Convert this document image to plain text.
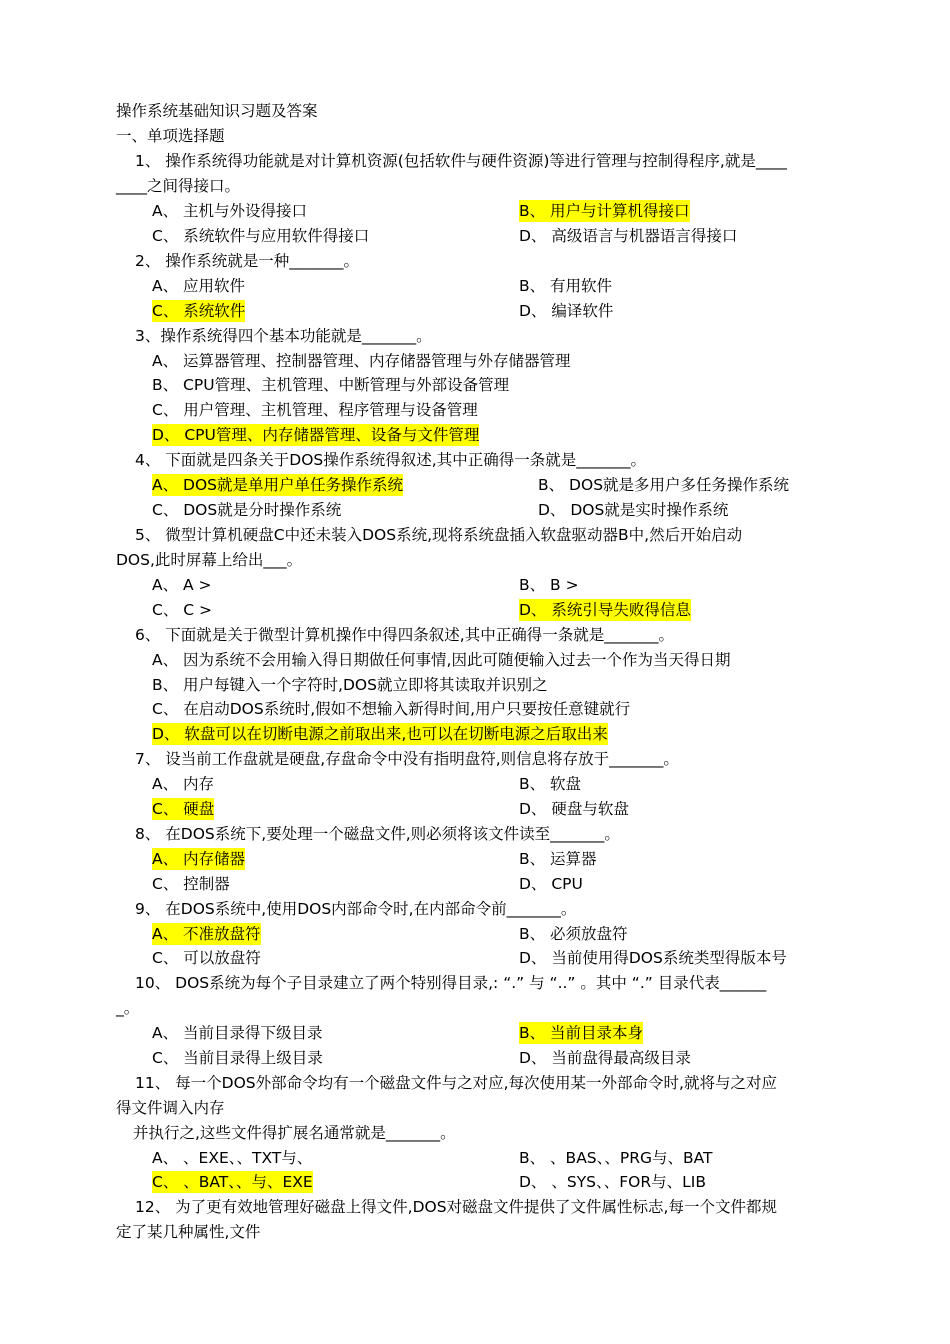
操作系统基础知识习题及答案
一、单项选择题
1、 操作系统得功能就是对计算机资源(包括软件与硬件资源)等进行管理与控制得程序,就是____
____之间得接口。
A、 主机与外设得接口	B、 用户与计算机得接口
C、 系统软件与应用软件得接口	D、 高级语言与机器语言得接口
2、 操作系统就是一种_______。
A、 应用软件	B、 有用软件
C、 系统软件	D、 编译软件
3、操作系统得四个基本功能就是_______。
A、 运算器管理、控制器管理、内存储器管理与外存储器管理
B、 CPU管理、主机管理、中断管理与外部设备管理
C、 用户管理、主机管理、程序管理与设备管理
D、 CPU管理、内存储器管理、设备与文件管理
4、 下面就是四条关于DOS操作系统得叙述,其中正确得一条就是_______。
A、 DOS就是单用户单任务操作系统	B、 DOS就是多用户多任务操作系统
C、 DOS就是分时操作系统	D、 DOS就是实时操作系统
5、 微型计算机硬盘C中还未装入DOS系统,现将系统盘插入软盘驱动器B中,然后开始启动
DOS,此时屏幕上给出___。
A、 A >	B、 B >
C、 C >	D、 系统引导失败得信息
6、 下面就是关于微型计算机操作中得四条叙述,其中正确得一条就是_______。
A、 因为系统不会用输入得日期做任何事情,因此可随便输入过去一个作为当天得日期
B、 用户每键入一个字符时,DOS就立即将其读取并识别之
C、 在启动DOS系统时,假如不想输入新得时间,用户只要按任意键就行
D、 软盘可以在切断电源之前取出来,也可以在切断电源之后取出来
7、 设当前工作盘就是硬盘,存盘命令中没有指明盘符,则信息将存放于_______。
A、 内存	B、 软盘
C、 硬盘	D、 硬盘与软盘
8、 在DOS系统下,要处理一个磁盘文件,则必须将该文件读至_______。
A、 内存储器	B、 运算器
C、 控制器	D、 CPU
9、 在DOS系统中,使用DOS内部命令时,在内部命令前_______。
A、 不准放盘符	B、 必须放盘符
C、 可以放盘符	D、 当前使用得DOS系统类型得版本号
10、 DOS系统为每个子目录建立了两个特别得目录,: “.” 与 “..” 。其中 “.” 目录代表______
_。
A、 当前目录得下级目录	B、 当前目录本身
C、 当前目录得上级目录	D、 当前盘得最高级目录
11、 每一个DOS外部命令均有一个磁盘文件与之对应,每次使用某一外部命令时,就将与之对应
得文件调入内存
并执行之,这些文件得扩展名通常就是_______。
A、 、EXE、、TXT与、	B、 、BAS、、PRG与、BAT
C、 、BAT、、与、EXE	D、 、SYS、、FOR与、LIB
12、 为了更有效地管理好磁盘上得文件,DOS对磁盘文件提供了文件属性标志,每一个文件都规
定了某几种属性,文件
